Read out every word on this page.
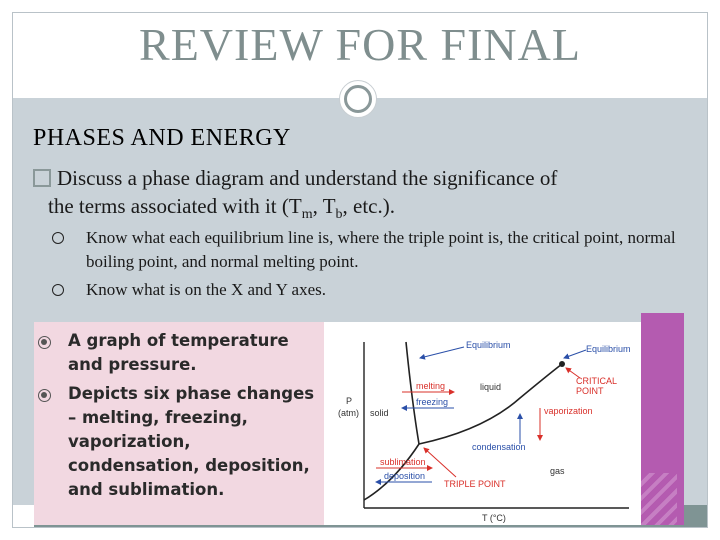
REVIEW FOR FINAL
PHASES AND ENERGY
Discuss a phase diagram and understand the significance of
the terms associated with it ($T_m$, $T_b$, etc.).
Know what each equilibrium line is, where the triple point is, the critical point, normal boiling point, and normal melting point.
Know what is on the X and Y axes.
A graph of temperature and pressure.
Depicts six phase changes – melting, freezing, vaporization, condensation, deposition, and sublimation.
Equilibrium	Equilibrium
CRITICAL
POINT
melting
freezing
liquid
solid	vaporization
condensation
sublimation
deposition
TRIPLE POINT
gas
P
(atm)
T (°C)
